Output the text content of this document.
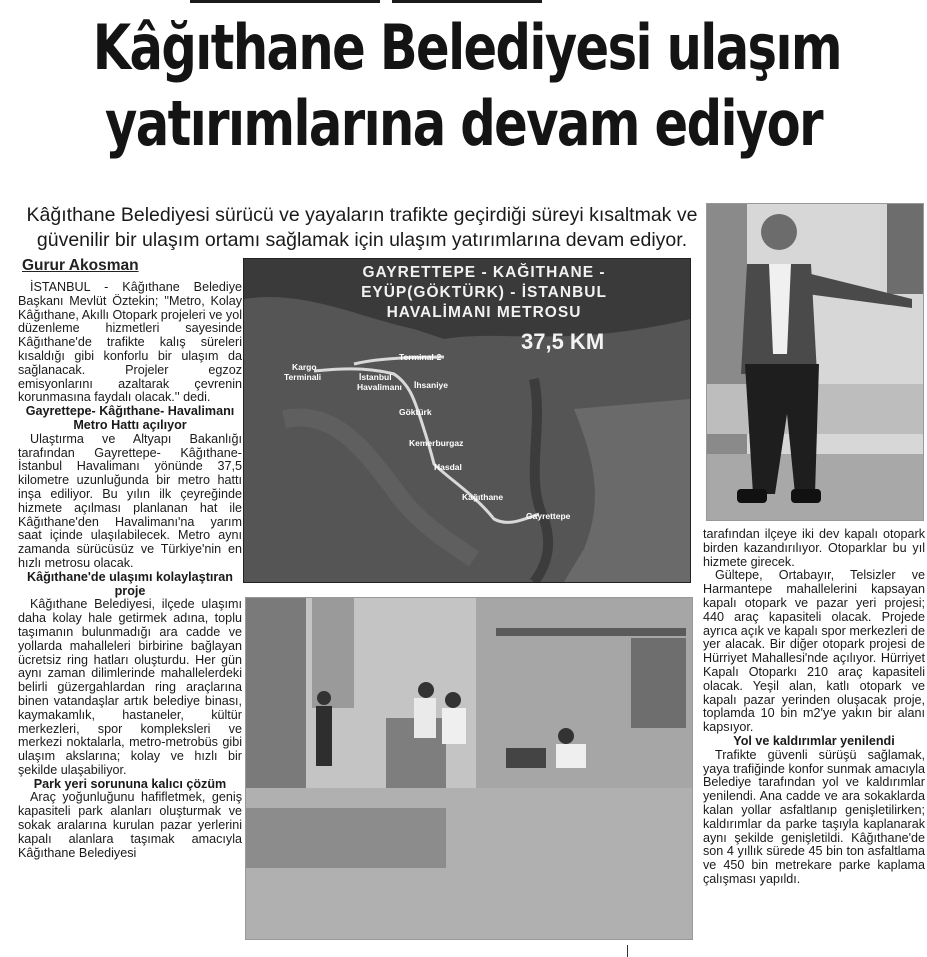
Kâğıthane Belediyesi ulaşım
yatırımlarına devam ediyor

Kâğıthane Belediyesi sürücü ve yayaların trafikte geçirdiği süreyi kısaltmak ve güvenilir bir ulaşım ortamı sağlamak için ulaşım yatırımlarına devam ediyor.

Gurur Akosman

İSTANBUL - Kâğıthane Belediye Başkanı Mevlüt Öztekin; ''Metro, Kolay Kâğıthane, Akıllı Otopark projeleri ve yol düzenleme hizmetleri sayesinde Kâğıthane'de trafikte kalış süreleri kısaldığı gibi konforlu bir ulaşım da sağlanacak. Projeler egzoz emisyonlarını azaltarak çevrenin korunmasına faydalı olacak.'' dedi.

Gayrettepe- Kâğıthane- Havalimanı Metro Hattı açılıyor

Ulaştırma ve Altyapı Bakanlığı tarafından Gayrettepe- Kâğıthane- İstanbul Havalimanı yönünde 37,5 kilometre uzunluğunda bir metro hattı inşa ediliyor. Bu yılın ilk çeyreğinde hizmete açılması planlanan hat ile Kâğıthane'den Havalimanı'na yarım saat içinde ulaşılabilecek. Metro aynı zamanda sürücüsüz ve Türkiye'nin en hızlı metrosu olacak.

Kâğıthane'de ulaşımı kolaylaştıran proje

Kâğıthane Belediyesi, ilçede ulaşımı daha kolay hale getirmek adına, toplu taşımanın bulunmadığı ara cadde ve yollarda mahalleleri birbirine bağlayan ücretsiz ring hatları oluşturdu. Her gün aynı zaman dilimlerinde mahallelerdeki belirli güzergahlardan ring araçlarına binen vatandaşlar artık belediye binası, kaymakamlık, hastaneler, kültür merkezleri, spor kompleksleri ve merkezi noktalarla, metro-metrobüs gibi ulaşım akslarına; kolay ve hızlı bir şekilde ulaşabiliyor.

Park yeri sorununa kalıcı çözüm

Araç yoğunluğunu hafifletmek, geniş kapasiteli park alanları oluşturmak ve sokak aralarına kurulan pazar yerlerini kapalı alanlara taşımak amacıyla Kâğıthane Belediyesi

GAYRETTEPE - KAĞITHANE -
EYÜP(GÖKTÜRK) - İSTANBUL
HAVALİMANI METROSU

37,5 KM

Kargo
Terminali
Terminal-2
İstanbul
Havalimanı İhsaniye
Göktürk
Kemerburgaz
Hasdal
Kağıthane
Gayrettepe

tarafından ilçeye iki dev kapalı otopark birden kazandırılıyor. Otoparklar bu yıl hizmete girecek.

Gültepe, Ortabayır, Telsizler ve Harmantepe mahallelerini kapsayan kapalı otopark ve pazar yeri projesi; 440 araç kapasiteli olacak. Projede ayrıca açık ve kapalı spor merkezleri de yer alacak. Bir diğer otopark projesi de Hürriyet Mahallesi'nde açılıyor. Hürriyet Kapalı Otoparkı 210 araç kapasiteli olacak. Yeşil alan, katlı otopark ve kapalı pazar yerinden oluşacak proje, toplamda 10 bin m2'ye yakın bir alanı kapsıyor.

Yol ve kaldırımlar yenilendi

Trafikte güvenli sürüşü sağlamak, yaya trafiğinde konfor sunmak amacıyla Belediye tarafından yol ve kaldırımlar yenilendi. Ana cadde ve ara sokaklarda kalan yollar asfaltlanıp genişletilirken; kaldırımlar da parke taşıyla kaplanarak aynı şekilde genişletildi. Kâğıthane'de son 4 yıllık sürede 45 bin ton asfaltlama ve 450 bin metrekare parke kaplama çalışması yapıldı.
